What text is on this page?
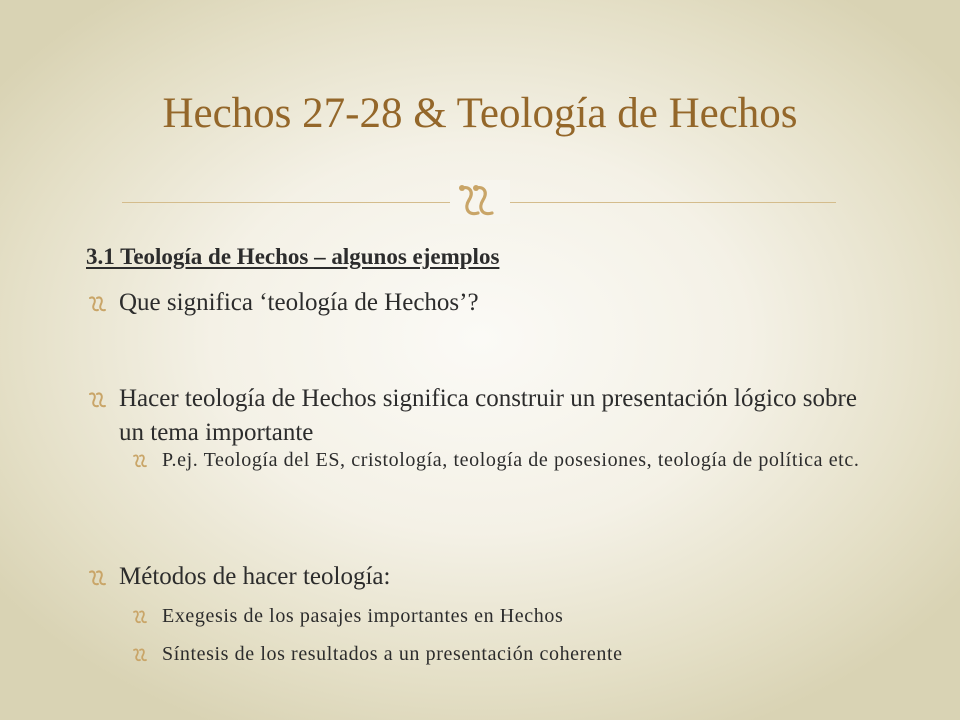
Hechos 27-28 & Teología de Hechos

3.1 Teología de Hechos – algunos ejemplos

Que significa ‘teología de Hechos’?
Hacer teología de Hechos significa construir un presentación lógico sobre un tema importante
P.ej. Teología del ES, cristología, teología de posesiones, teología de política etc.
Métodos de hacer teología:
Exegesis de los pasajes importantes en Hechos
Síntesis de los resultados a un presentación coherente
